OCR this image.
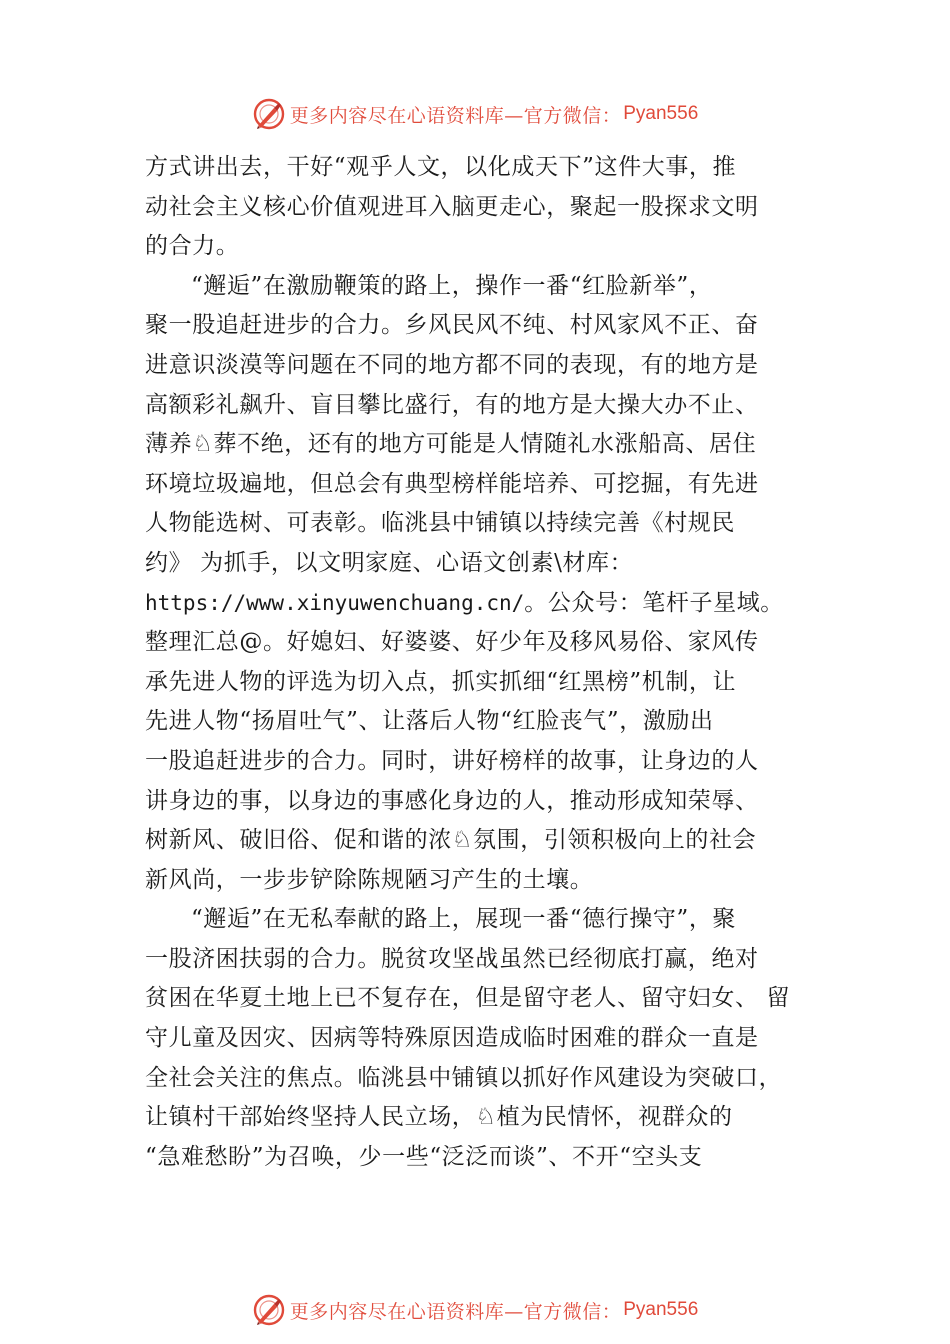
更多内容尽在心语资料库—官方微信： Pyan556
方式讲出去，干好“观乎人文，以化成天下”这件大事，推
动社会主义核心价值观进耳入脑更走心，聚起一股探求文明
的合力。
“邂逅”在激励鞭策的路上，操作一番“红脸新举”，
聚一股追赶进步的合力。乡风民风不纯、村风家风不正、奋
进意识淡漠等问题在不同的地方都不同的表现，有的地方是
高额彩礼飙升、盲目攀比盛行，有的地方是大操大办不止、
薄养♘葬不绝，还有的地方可能是人情随礼水涨船高、居住
环境垃圾遍地，但总会有典型榜样能培养、可挖掘，有先进
人物能选树、可表彰。临洮县中铺镇以持续完善《村规民
约》 为抓手，以文明家庭、心语文创素\材库：
https://www.xinyuwenchuang.cn/。公众号：笔杆子星域。
整理汇总@。好媳妇、好婆婆、好少年及移风易俗、家风传
承先进人物的评选为切入点，抓实抓细“红黑榜”机制，让
先进人物“扬眉吐气”、让落后人物“红脸丧气”，激励出
一股追赶进步的合力。同时，讲好榜样的故事，让身边的人
讲身边的事，以身边的事感化身边的人，推动形成知荣辱、
树新风、破旧俗、促和谐的浓♘氛围，引领积极向上的社会
新风尚，一步步铲除陈规陋习产生的土壤。
“邂逅”在无私奉献的路上，展现一番“德行操守”，聚
一股济困扶弱的合力。脱贫攻坚战虽然已经彻底打赢，绝对
贫困在华夏土地上已不复存在，但是留守老人、留守妇女、 留
守儿童及因灾、因病等特殊原因造成临时困难的群众一直是
全社会关注的焦点。临洮县中铺镇以抓好作风建设为突破口，
让镇村干部始终坚持人民立场，♘植为民情怀，视群众的
“急难愁盼”为召唤，少一些“泛泛而谈”、不开“空头支
更多内容尽在心语资料库—官方微信： Pyan556
